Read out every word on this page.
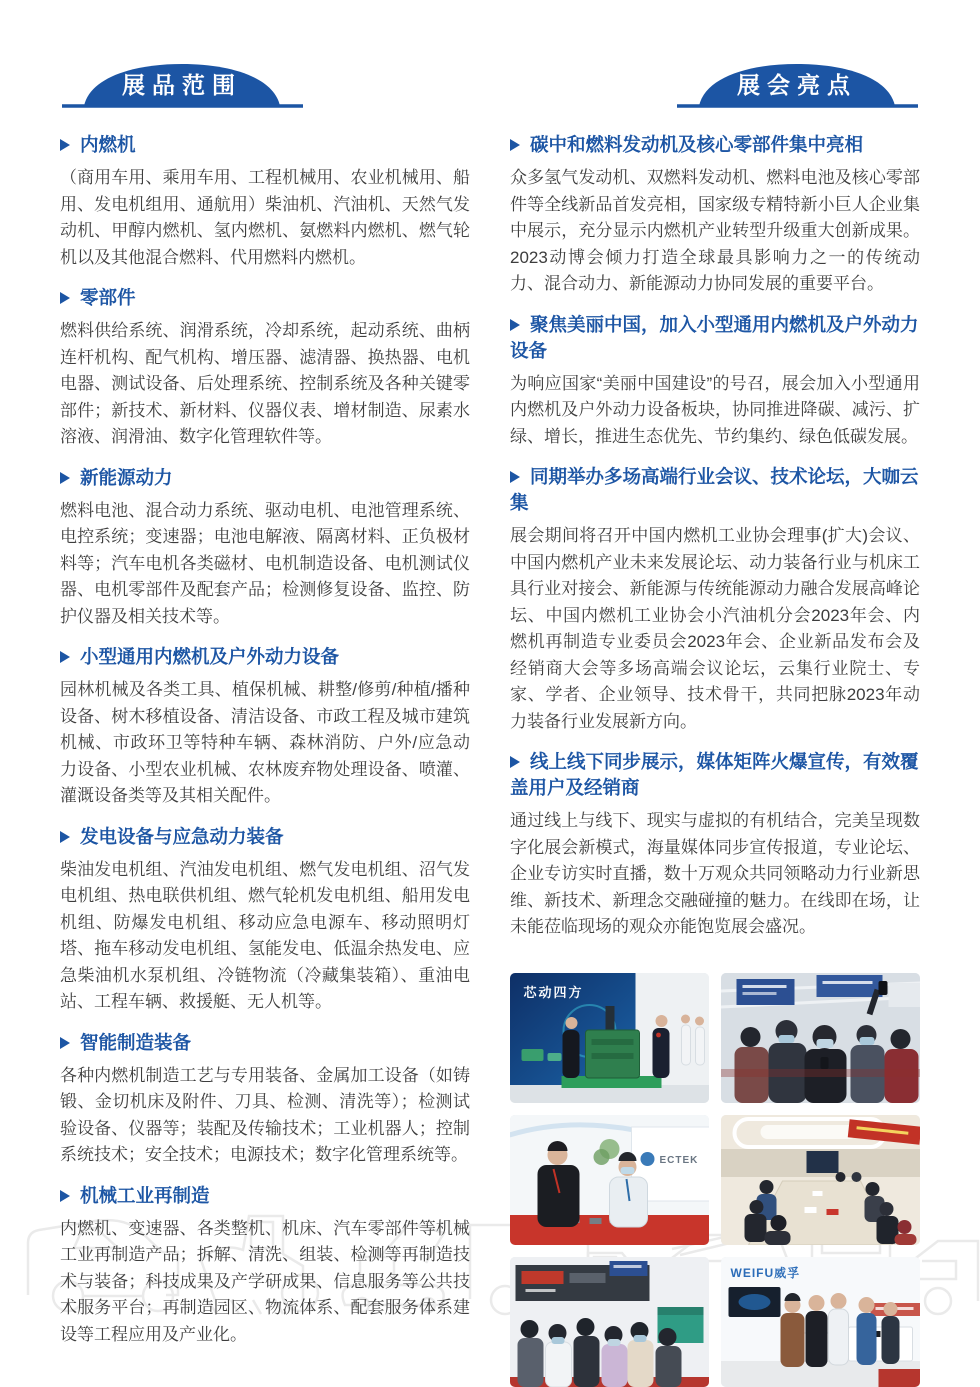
展品范围
内燃机

（商用车用、乘用车用、工程机械用、农业机械用、船用、发电机组用、通航用）柴油机、汽油机、天然气发动机、甲醇内燃机、氢内燃机、氨燃料内燃机、燃气轮机以及其他混合燃料、代用燃料内燃机。

零部件

燃料供给系统、润滑系统，冷却系统，起动系统、曲柄连杆机构、配气机构、增压器、滤清器、换热器、电机电器、测试设备、后处理系统、控制系统及各种关键零部件；新技术、新材料、仪器仪表、增材制造、尿素水溶液、润滑油、数字化管理软件等。

新能源动力

燃料电池、混合动力系统、驱动电机、电池管理系统、电控系统；变速器；电池电解液、隔离材料、正负极材料等；汽车电机各类磁材、电机制造设备、电机测试仪器、电机零部件及配套产品；检测修复设备、监控、防护仪器及相关技术等。

小型通用内燃机及户外动力设备

园林机械及各类工具、植保机械、耕整/修剪/种植/播种设备、树木移植设备、清洁设备、市政工程及城市建筑机械、市政环卫等特种车辆、森林消防、户外/应急动力设备、小型农业机械、农林废弃物处理设备、喷灌、灌溉设备类等及其相关配件。

发电设备与应急动力装备

柴油发电机组、汽油发电机组、燃气发电机组、沼气发电机组、热电联供机组、燃气轮机发电机组、船用发电机组、防爆发电机组、移动应急电源车、移动照明灯塔、拖车移动发电机组、氢能发电、低温余热发电、应急柴油机水泵机组、冷链物流（冷藏集装箱）、重油电站、工程车辆、救援艇、无人机等。

智能制造装备

各种内燃机制造工艺与专用装备、金属加工设备（如铸锻、金切机床及附件、刀具、检测、清洗等）；检测试验设备、仪器等；装配及传输技术；工业机器人；控制系统技术；安全技术；电源技术；数字化管理系统等。

机械工业再制造

内燃机、变速器、各类整机、机床、汽车零部件等机械工业再制造产品；拆解、清洗、组装、检测等再制造技术与装备；科技成果及产学研成果、信息服务等公共技术服务平台；再制造园区、物流体系、配套服务体系建设等工程应用及产业化。

展会亮点
碳中和燃料发动机及核心零部件集中亮相

众多氢气发动机、双燃料发动机、燃料电池及核心零部件等全线新品首发亮相，国家级专精特新小巨人企业集中展示，充分显示内燃机产业转型升级重大创新成果。2023动博会倾力打造全球最具影响力之一的传统动力、混合动力、新能源动力协同发展的重要平台。

聚焦美丽中国，加入小型通用内燃机及户外动力设备

为响应国家“美丽中国建设”的号召，展会加入小型通用内燃机及户外动力设备板块，协同推进降碳、减污、扩绿、增长，推进生态优先、节约集约、绿色低碳发展。

同期举办多场高端行业会议、技术论坛，大咖云集

展会期间将召开中国内燃机工业协会理事(扩大)会议、中国内燃机产业未来发展论坛、动力装备行业与机床工具行业对接会、新能源与传统能源动力融合发展高峰论坛、中国内燃机工业协会小汽油机分会2023年会、内燃机再制造专业委员会2023年会、企业新品发布会及经销商大会等多场高端会议论坛，云集行业院士、专家、学者、企业领导、技术骨干，共同把脉2023年动力装备行业发展新方向。

线上线下同步展示，媒体矩阵火爆宣传，有效覆盖用户及经销商

通过线上与线下、现实与虚拟的有机结合，完美呈现数字化展会新模式，海量媒体同步宣传报道，专业论坛、企业专访实时直播，数十万观众共同领略动力行业新思维、新技术、新理念交融碰撞的魅力。在线即在场，让未能莅临现场的观众亦能饱览展会盛况。

芯动四方
ECTEK
WEIFU威孚
